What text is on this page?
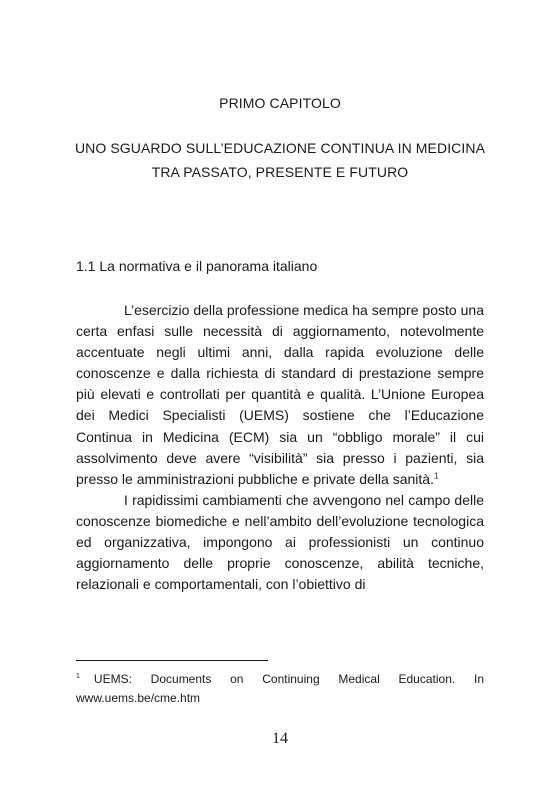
PRIMO CAPITOLO
UNO SGUARDO SULL’EDUCAZIONE CONTINUA IN MEDICINA
TRA PASSATO, PRESENTE E FUTURO
1.1 La normativa e il panorama italiano

L’esercizio della professione medica ha sempre posto una certa enfasi sulle necessità di aggiornamento, notevolmente accentuate negli ultimi anni, dalla rapida evoluzione delle conoscenze e dalla richiesta di standard di prestazione sempre più elevati e controllati per quantità e qualità. L’Unione Europea dei Medici Specialisti (UEMS) sostiene che l’Educazione Continua in Medicina (ECM) sia un “obbligo morale” il cui assolvimento deve avere “visibilità” sia presso i pazienti, sia presso le amministrazioni pubbliche e private della sanità.$^1$

I rapidissimi cambiamenti che avvengono nel campo delle conoscenze biomediche e nell’ambito dell’evoluzione tecnologica ed organizzativa, impongono ai professionisti un continuo aggiornamento delle proprie conoscenze, abilità tecniche, relazionali e comportamentali, con l’obiettivo di

$^1$ UEMS: Documents on Continuing Medical Education. In www.uems.be/cme.htm
14
